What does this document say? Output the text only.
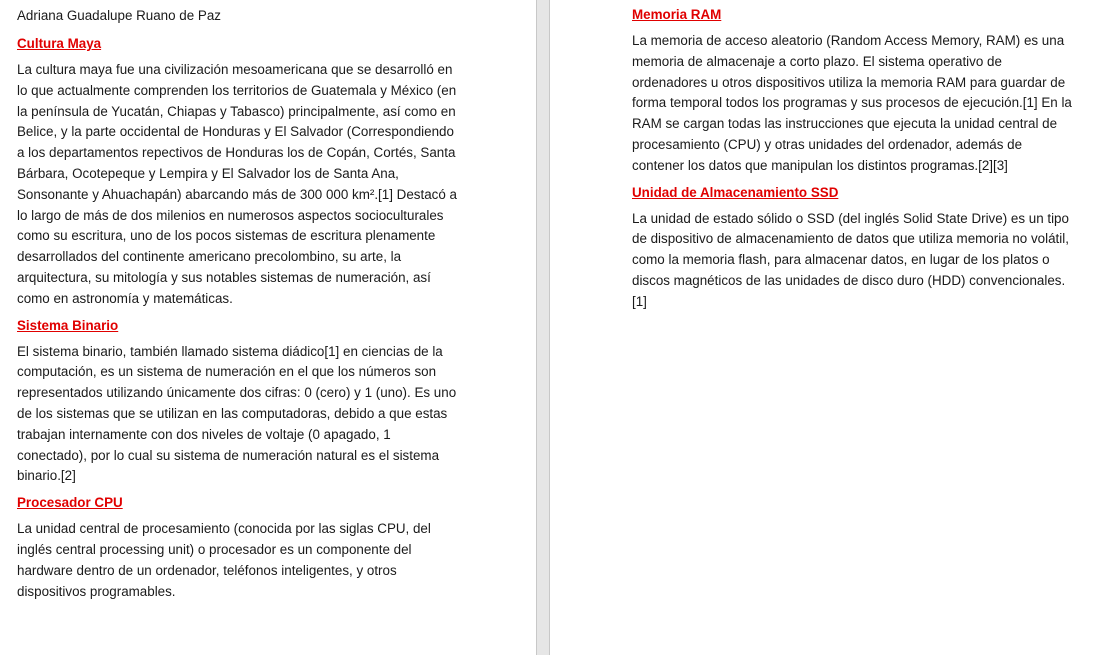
Adriana Guadalupe Ruano de Paz
Cultura Maya

La cultura maya fue una civilización mesoamericana que se desarrolló en lo que actualmente comprenden los territorios de Guatemala y México (en la península de Yucatán, Chiapas y Tabasco) principalmente, así como en Belice, y la parte occidental de Honduras y El Salvador (Correspondiendo a los departamentos repectivos de Honduras los de Copán, Cortés, Santa Bárbara, Ocotepeque y Lempira y El Salvador los de Santa Ana, Sonsonante y Ahuachapán) abarcando más de 300 000 km².[1] Destacó a lo largo de más de dos milenios en numerosos aspectos socioculturales como su escritura, uno de los pocos sistemas de escritura plenamente desarrollados del continente americano precolombino, su arte, la arquitectura, su mitología y sus notables sistemas de numeración, así como en astronomía y matemáticas.

Sistema Binario

El sistema binario, también llamado sistema diádico[1] en ciencias de la computación, es un sistema de numeración en el que los números son representados utilizando únicamente dos cifras: 0 (cero) y 1 (uno). Es uno de los sistemas que se utilizan en las computadoras, debido a que estas trabajan internamente con dos niveles de voltaje (0 apagado, 1 conectado), por lo cual su sistema de numeración natural es el sistema binario.[2]

Procesador CPU

La unidad central de procesamiento (conocida por las siglas CPU, del inglés central processing unit) o procesador es un componente del hardware dentro de un ordenador, teléfonos inteligentes, y otros dispositivos programables.

Memoria RAM

La memoria de acceso aleatorio (Random Access Memory, RAM) es una memoria de almacenaje a corto plazo. El sistema operativo de ordenadores u otros dispositivos utiliza la memoria RAM para guardar de forma temporal todos los programas y sus procesos de ejecución.[1] En la RAM se cargan todas las instrucciones que ejecuta la unidad central de procesamiento (CPU) y otras unidades del ordenador, además de contener los datos que manipulan los distintos programas.[2][3]

Unidad de Almacenamiento SSD

La unidad de estado sólido o SSD (del inglés Solid State Drive) es un tipo de dispositivo de almacenamiento de datos que utiliza memoria no volátil, como la memoria flash, para almacenar datos, en lugar de los platos o discos magnéticos de las unidades de disco duro (HDD) convencionales.[1]
